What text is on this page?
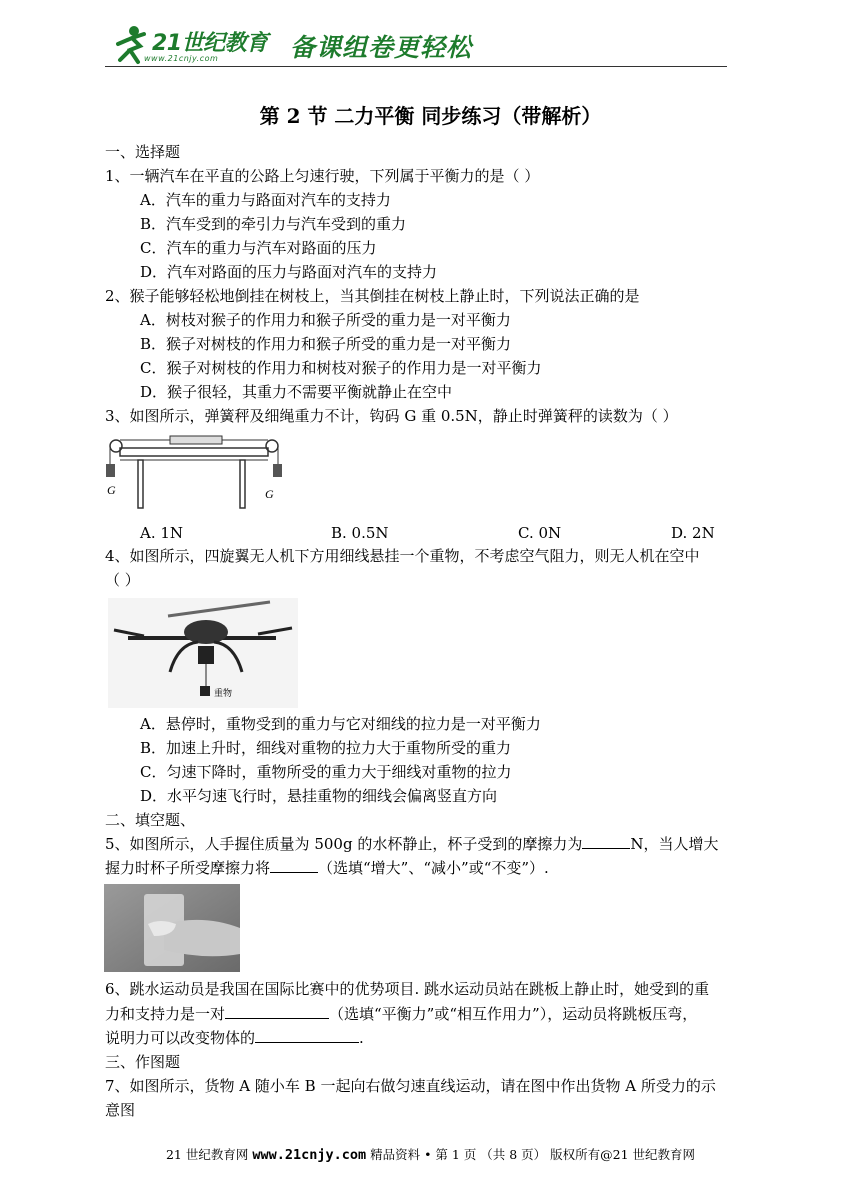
21世纪教育
www.21cnjy.com	备课组卷更轻松
第 2 节 二力平衡 同步练习（带解析）
一、选择题
1、一辆汽车在平直的公路上匀速行驶，下列属于平衡力的是（ ）
A．汽车的重力与路面对汽车的支持力
B．汽车受到的牵引力与汽车受到的重力
C．汽车的重力与汽车对路面的压力
D．汽车对路面的压力与路面对汽车的支持力
2、猴子能够轻松地倒挂在树枝上，当其倒挂在树枝上静止时，下列说法正确的是
A．树枝对猴子的作用力和猴子所受的重力是一对平衡力
B．猴子对树枝的作用力和猴子所受的重力是一对平衡力
C．猴子对树枝的作用力和树枝对猴子的作用力是一对平衡力
D．猴子很轻，其重力不需要平衡就静止在空中
3、如图所示，弹簧秤及细绳重力不计，钩码 G 重 0.5N，静止时弹簧秤的读数为（ ）
G	G
A. 1N	B. 0.5N	C. 0N	D. 2N
4、如图所示，四旋翼无人机下方用细线悬挂一个重物，不考虑空气阻力，则无人机在空中
（ ）
重物
A．悬停时，重物受到的重力与它对细线的拉力是一对平衡力
B．加速上升时，细线对重物的拉力大于重物所受的重力
C．匀速下降时，重物所受的重力大于细线对重物的拉力
D．水平匀速飞行时，悬挂重物的细线会偏离竖直方向
二、填空题、
5、如图所示，人手握住质量为 500g 的水杯静止，杯子受到的摩擦力为	N，当人增大
握力时杯子所受摩擦力将	（选填“增大”、“减小”或“不变”）.
6、跳水运动员是我国在国际比赛中的优势项目. 跳水运动员站在跳板上静止时，她受到的重
力和支持力是一对	（选填“平衡力”或“相互作用力”），运动员将跳板压弯，
说明力可以改变物体的	.
三、作图题
7、如图所示，货物 A 随小车 B 一起向右做匀速直线运动，请在图中作出货物 A 所受力的示
意图
21 世纪教育网 www.21cnjy.com 精品资料 • 第 1 页 （共 8 页） 版权所有@21 世纪教育网
